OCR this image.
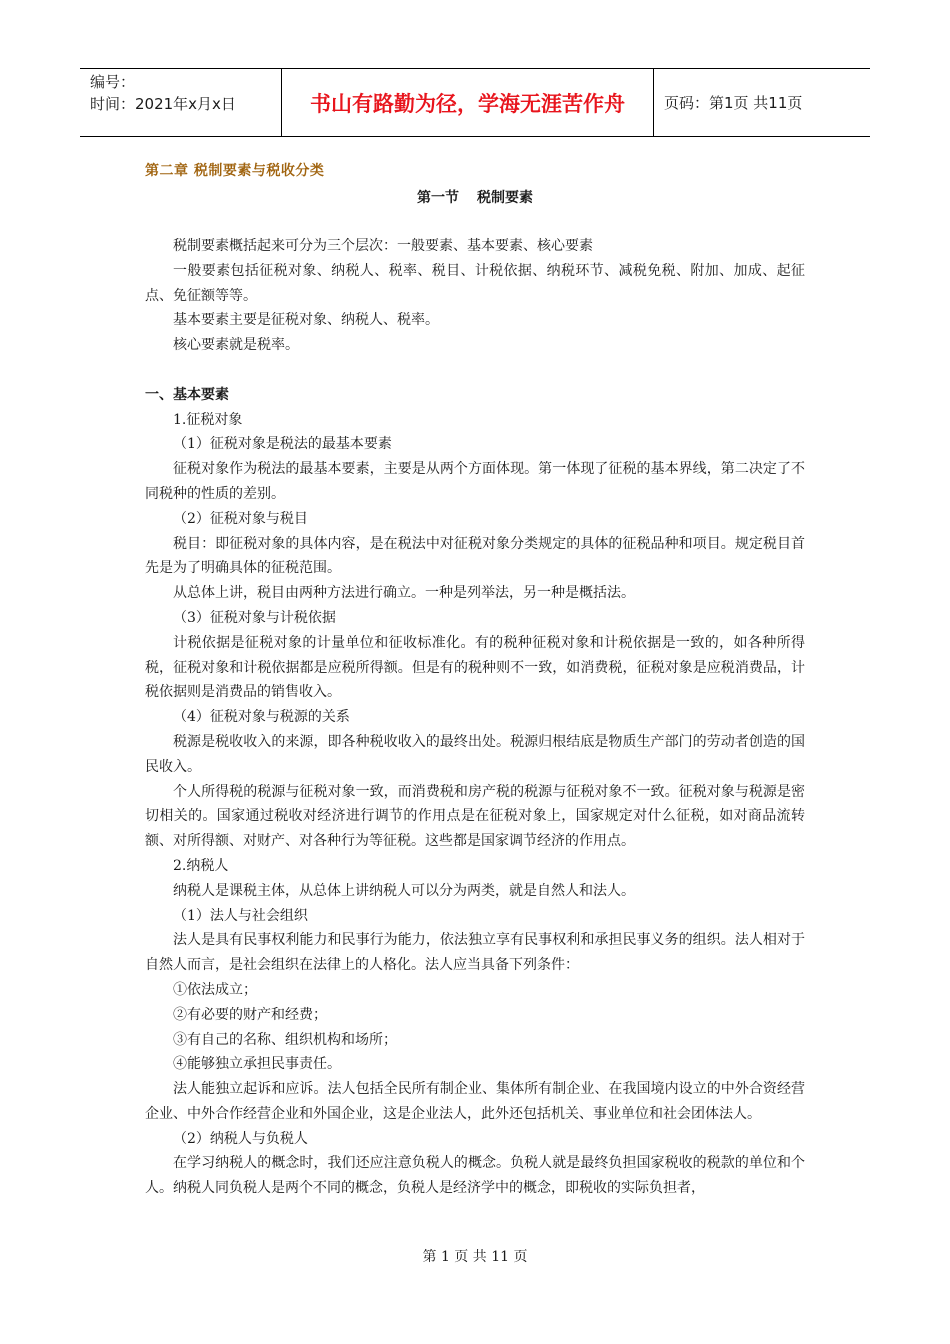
编号：
时间：2021年x月x日	书山有路勤为径，学海无涯苦作舟	页码：第1页 共11页
第二章 税制要素与税收分类
第一节 税制要素

税制要素概括起来可分为三个层次：一般要素、基本要素、核心要素

一般要素包括征税对象、纳税人、税率、税目、计税依据、纳税环节、减税免税、附加、加成、起征点、免征额等等。

基本要素主要是征税对象、纳税人、税率。

核心要素就是税率。

一、基本要素

1.征税对象

（1）征税对象是税法的最基本要素

征税对象作为税法的最基本要素，主要是从两个方面体现。第一体现了征税的基本界线，第二决定了不同税种的性质的差别。

（2）征税对象与税目

税目：即征税对象的具体内容，是在税法中对征税对象分类规定的具体的征税品种和项目。规定税目首先是为了明确具体的征税范围。

从总体上讲，税目由两种方法进行确立。一种是列举法，另一种是概括法。

（3）征税对象与计税依据

计税依据是征税对象的计量单位和征收标准化。有的税种征税对象和计税依据是一致的，如各种所得税，征税对象和计税依据都是应税所得额。但是有的税种则不一致，如消费税，征税对象是应税消费品，计税依据则是消费品的销售收入。

（4）征税对象与税源的关系

税源是税收收入的来源，即各种税收收入的最终出处。税源归根结底是物质生产部门的劳动者创造的国民收入。

个人所得税的税源与征税对象一致，而消费税和房产税的税源与征税对象不一致。征税对象与税源是密切相关的。国家通过税收对经济进行调节的作用点是在征税对象上，国家规定对什么征税，如对商品流转额、对所得额、对财产、对各种行为等征税。这些都是国家调节经济的作用点。

2.纳税人

纳税人是课税主体，从总体上讲纳税人可以分为两类，就是自然人和法人。

（1）法人与社会组织

法人是具有民事权利能力和民事行为能力，依法独立享有民事权利和承担民事义务的组织。法人相对于自然人而言，是社会组织在法律上的人格化。法人应当具备下列条件：

①依法成立；

②有必要的财产和经费；

③有自己的名称、组织机构和场所；

④能够独立承担民事责任。

法人能独立起诉和应诉。法人包括全民所有制企业、集体所有制企业、在我国境内设立的中外合资经营企业、中外合作经营企业和外国企业，这是企业法人，此外还包括机关、事业单位和社会团体法人。

（2）纳税人与负税人

在学习纳税人的概念时，我们还应注意负税人的概念。负税人就是最终负担国家税收的税款的单位和个人。纳税人同负税人是两个不同的概念，负税人是经济学中的概念，即税收的实际负担者，

第 1 页 共 11 页
